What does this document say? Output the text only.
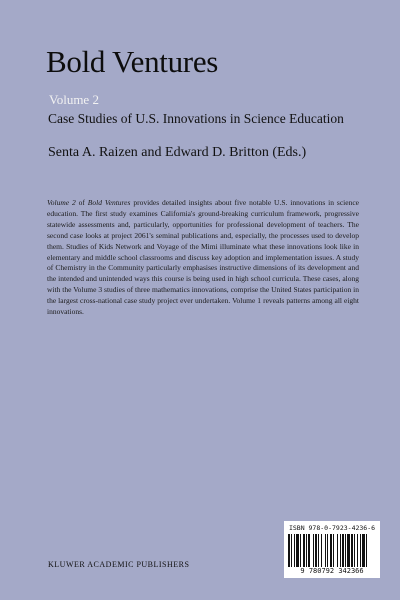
Bold Ventures
Volume 2
Case Studies of U.S. Innovations in Science Education
Senta A. Raizen and Edward D. Britton (Eds.)
Volume 2 of Bold Ventures provides detailed insights about five notable U.S. innovations in science education. The first study examines California's ground-breaking curriculum framework, progressive statewide assessments and, particularly, opportunities for professional development of teachers. The second case looks at project 2061's seminal publications and, especially, the processes used to develop them. Studies of Kids Network and Voyage of the Mimi illuminate what these innovations look like in elementary and middle school classrooms and discuss key adoption and implementation issues. A study of Chemistry in the Community particularly emphasises instructive dimensions of its development and the intended and unintended ways this course is being used in high school curricula. These cases, along with the Volume 3 studies of three mathematics innovations, comprise the United States participation in the largest cross-national case study project ever undertaken. Volume 1 reveals patterns among all eight innovations.
KLUWER ACADEMIC PUBLISHERS
ISBN 978-0-7923-4236-6
9 780792 342366
